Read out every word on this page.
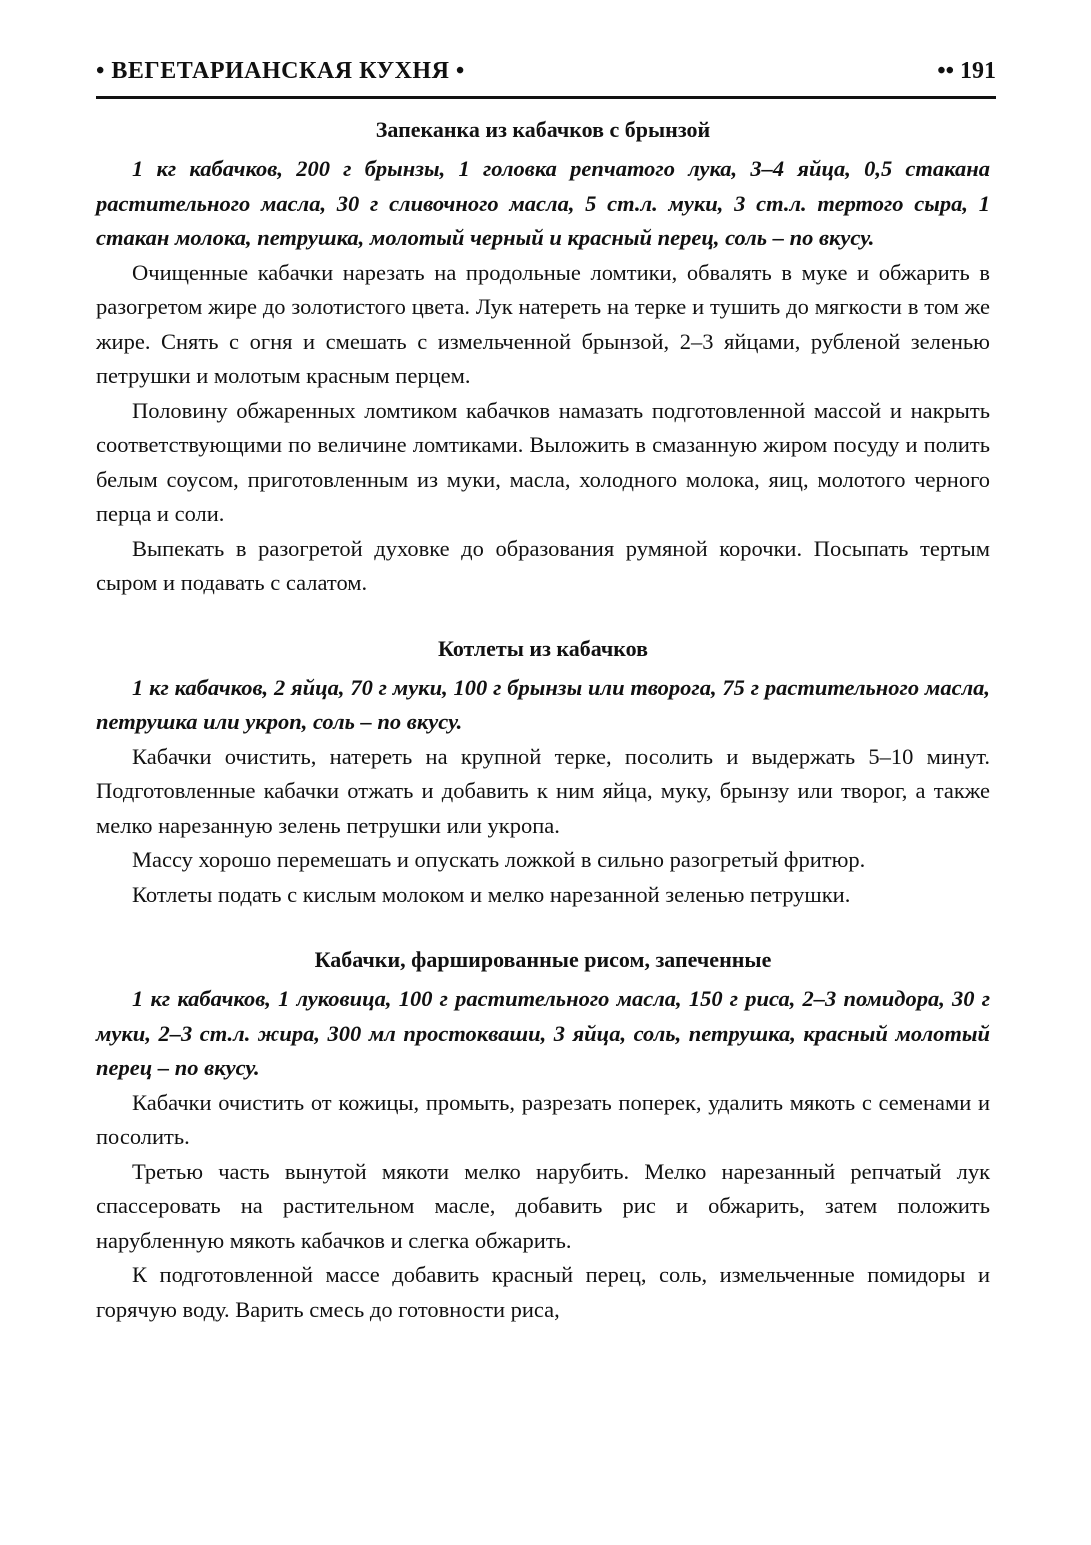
• ВЕГЕТАРИАНСКАЯ КУХНЯ •	•• 191
Запеканка из кабачков с брынзой

1 кг кабачков, 200 г брынзы, 1 головка репчатого лука, 3–4 яйца, 0,5 стакана растительного масла, 30 г сливочного масла, 5 ст.л. муки, 3 ст.л. тертого сыра, 1 стакан молока, петрушка, молотый черный и красный перец, соль – по вкусу.

Очищенные кабачки нарезать на продольные ломтики, обвалять в муке и обжарить в разогретом жире до золотистого цвета. Лук натереть на терке и тушить до мягкости в том же жире. Снять с огня и смешать с измельченной брынзой, 2–3 яйцами, рубленой зеленью петрушки и молотым красным перцем.

Половину обжаренных ломтиком кабачков намазать подготовленной массой и накрыть соответствующими по величине ломтиками. Выложить в смазанную жиром посуду и полить белым соусом, приготовленным из муки, масла, холодного молока, яиц, молотого черного перца и соли.

Выпекать в разогретой духовке до образования румяной корочки. Посыпать тертым сыром и подавать с салатом.

Котлеты из кабачков

1 кг кабачков, 2 яйца, 70 г муки, 100 г брынзы или творога, 75 г растительного масла, петрушка или укроп, соль – по вкусу.

Кабачки очистить, натереть на крупной терке, посолить и выдержать 5–10 минут. Подготовленные кабачки отжать и добавить к ним яйца, муку, брынзу или творог, а также мелко нарезанную зелень петрушки или укропа.

Массу хорошо перемешать и опускать ложкой в сильно разогретый фритюр.

Котлеты подать с кислым молоком и мелко нарезанной зеленью петрушки.

Кабачки, фаршированные рисом, запеченные

1 кг кабачков, 1 луковица, 100 г растительного масла, 150 г риса, 2–3 помидора, 30 г муки, 2–3 ст.л. жира, 300 мл простокваши, 3 яйца, соль, петрушка, красный молотый перец – по вкусу.

Кабачки очистить от кожицы, промыть, разрезать поперек, удалить мякоть с семенами и посолить.

Третью часть вынутой мякоти мелко нарубить. Мелко нарезанный репчатый лук спассеровать на растительном масле, добавить рис и обжарить, затем положить нарубленную мякоть кабачков и слегка обжарить.

К подготовленной массе добавить красный перец, соль, измельченные помидоры и горячую воду. Варить смесь до готовности риса,
